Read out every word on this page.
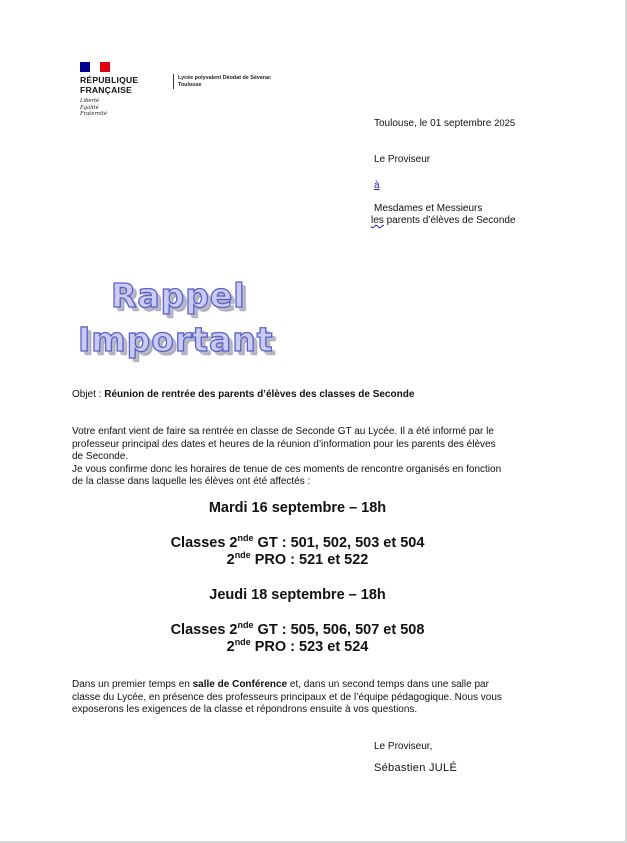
RÉPUBLIQUE
FRANÇAISE
Liberté
Égalité
Fraternité
Lycée polyvalent Déodat de Séverac
Toulouse
Toulouse, le 01 septembre 2025
Le Proviseur
à
Mesdames et Messieurs
les parents d’élèves de Seconde
Rappel
Important
Objet : Réunion de rentrée des parents d’élèves des classes de Seconde
Votre enfant vient de faire sa rentrée en classe de Seconde GT au Lycée. Il a été informé par le
professeur principal des dates et heures de la réunion d’information pour les parents des élèves
de Seconde.
Je vous confirme donc les horaires de tenue de ces moments de rencontre organisés en fonction
de la classe dans laquelle les élèves ont été affectés :
Mardi 16 septembre – 18h
Classes 2nde GT : 501, 502, 503 et 504
2nde PRO : 521 et 522
Jeudi 18 septembre – 18h
Classes 2nde GT : 505, 506, 507 et 508
2nde PRO : 523 et 524
Dans un premier temps en salle de Conférence et, dans un second temps dans une salle par
classe du Lycée, en présence des professeurs principaux et de l’équipe pédagogique. Nous vous
exposerons les exigences de la classe et répondrons ensuite à vos questions.
Le Proviseur,
Sébastien JULÉ
